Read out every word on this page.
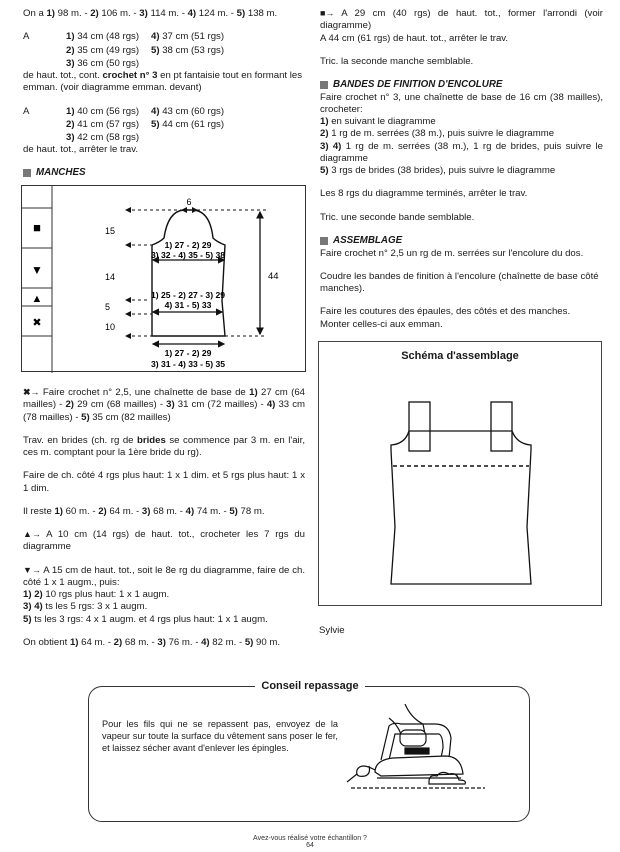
On a 1) 98 m. - 2) 106 m. - 3) 114 m. - 4) 124 m. - 5) 138 m.

A	1) 34 cm (48 rgs)	4) 37 cm (51 rgs)
2) 35 cm (49 rgs)	5) 38 cm (53 rgs)
3) 36 cm (50 rgs)

de haut. tot., cont. crochet n° 3 en pt fantaisie tout en formant les emman. (voir diagramme emman. devant)

A	1) 40 cm (56 rgs)	4) 43 cm (60 rgs)
2) 41 cm (57 rgs)	5) 44 cm (61 rgs)
3) 42 cm (58 rgs)

de haut. tot., arrêter le trav.

MANCHES
■
▼
▲
✖
6
44
15
14
5
10
1) 27 - 2) 29
3) 32 - 4) 35 - 5) 38
1) 25 - 2) 27 - 3) 29
4) 31 - 5) 33
1) 27 - 2) 29
3) 31 - 4) 33 - 5) 35

✖→ Faire crochet n° 2,5, une chaînette de base de 1) 27 cm (64 mailles) - 2) 29 cm (68 mailles) - 3) 31 cm (72 mailles) - 4) 33 cm (78 mailles) - 5) 35 cm (82 mailles)

Trav. en brides (ch. rg de brides se commence par 3 m. en l'air, ces m. comptant pour la 1ère bride du rg).

Faire de ch. côté 4 rgs plus haut: 1 x 1 dim. et 5 rgs plus haut: 1 x 1 dim.

Il reste 1) 60 m. - 2) 64 m. - 3) 68 m. - 4) 74 m. - 5) 78 m.

▲→ A 10 cm (14 rgs) de haut. tot., crocheter les 7 rgs du diagramme

▼→ A 15 cm de haut. tot., soit le 8e rg du diagramme, faire de ch. côté 1 x 1 augm., puis:

1) 2) 10 rgs plus haut: 1 x 1 augm.

3) 4) ts les 5 rgs: 3 x 1 augm.

5) ts les 3 rgs: 4 x 1 augm. et 4 rgs plus haut: 1 x 1 augm.

On obtient 1) 64 m. - 2) 68 m. - 3) 76 m. - 4) 82 m. - 5) 90 m.

■→ A 29 cm (40 rgs) de haut. tot., former l'arrondi (voir diagramme)

A 44 cm (61 rgs) de haut. tot., arrêter le trav.

Tric. la seconde manche semblable.

BANDES DE FINITION D'ENCOLURE

Faire crochet n° 3, une chaînette de base de 16 cm (38 mailles), crocheter:

1) en suivant le diagramme

2) 1 rg de m. serrées (38 m.), puis suivre le diagramme

3) 4) 1 rg de m. serrées (38 m.), 1 rg de brides, puis suivre le diagramme

5) 3 rgs de brides (38 brides), puis suivre le diagramme

Les 8 rgs du diagramme terminés, arrêter le trav.

Tric. une seconde bande semblable.

ASSEMBLAGE

Faire crochet n° 2,5 un rg de m. serrées sur l'encolure du dos.

Coudre les bandes de finition à l'encolure (chaînette de base côté manches).

Faire les coutures des épaules, des côtés et des manches.

Monter celles-ci aux emman.

Schéma d'assemblage
Sylvie
Conseil repassage
Pour les fils qui ne se repassent pas, envoyez de la vapeur sur toute la surface du vêtement sans poser le fer, et laissez sécher avant d'enlever les épingles.
Avez-vous réalisé votre échantillon ?
64
